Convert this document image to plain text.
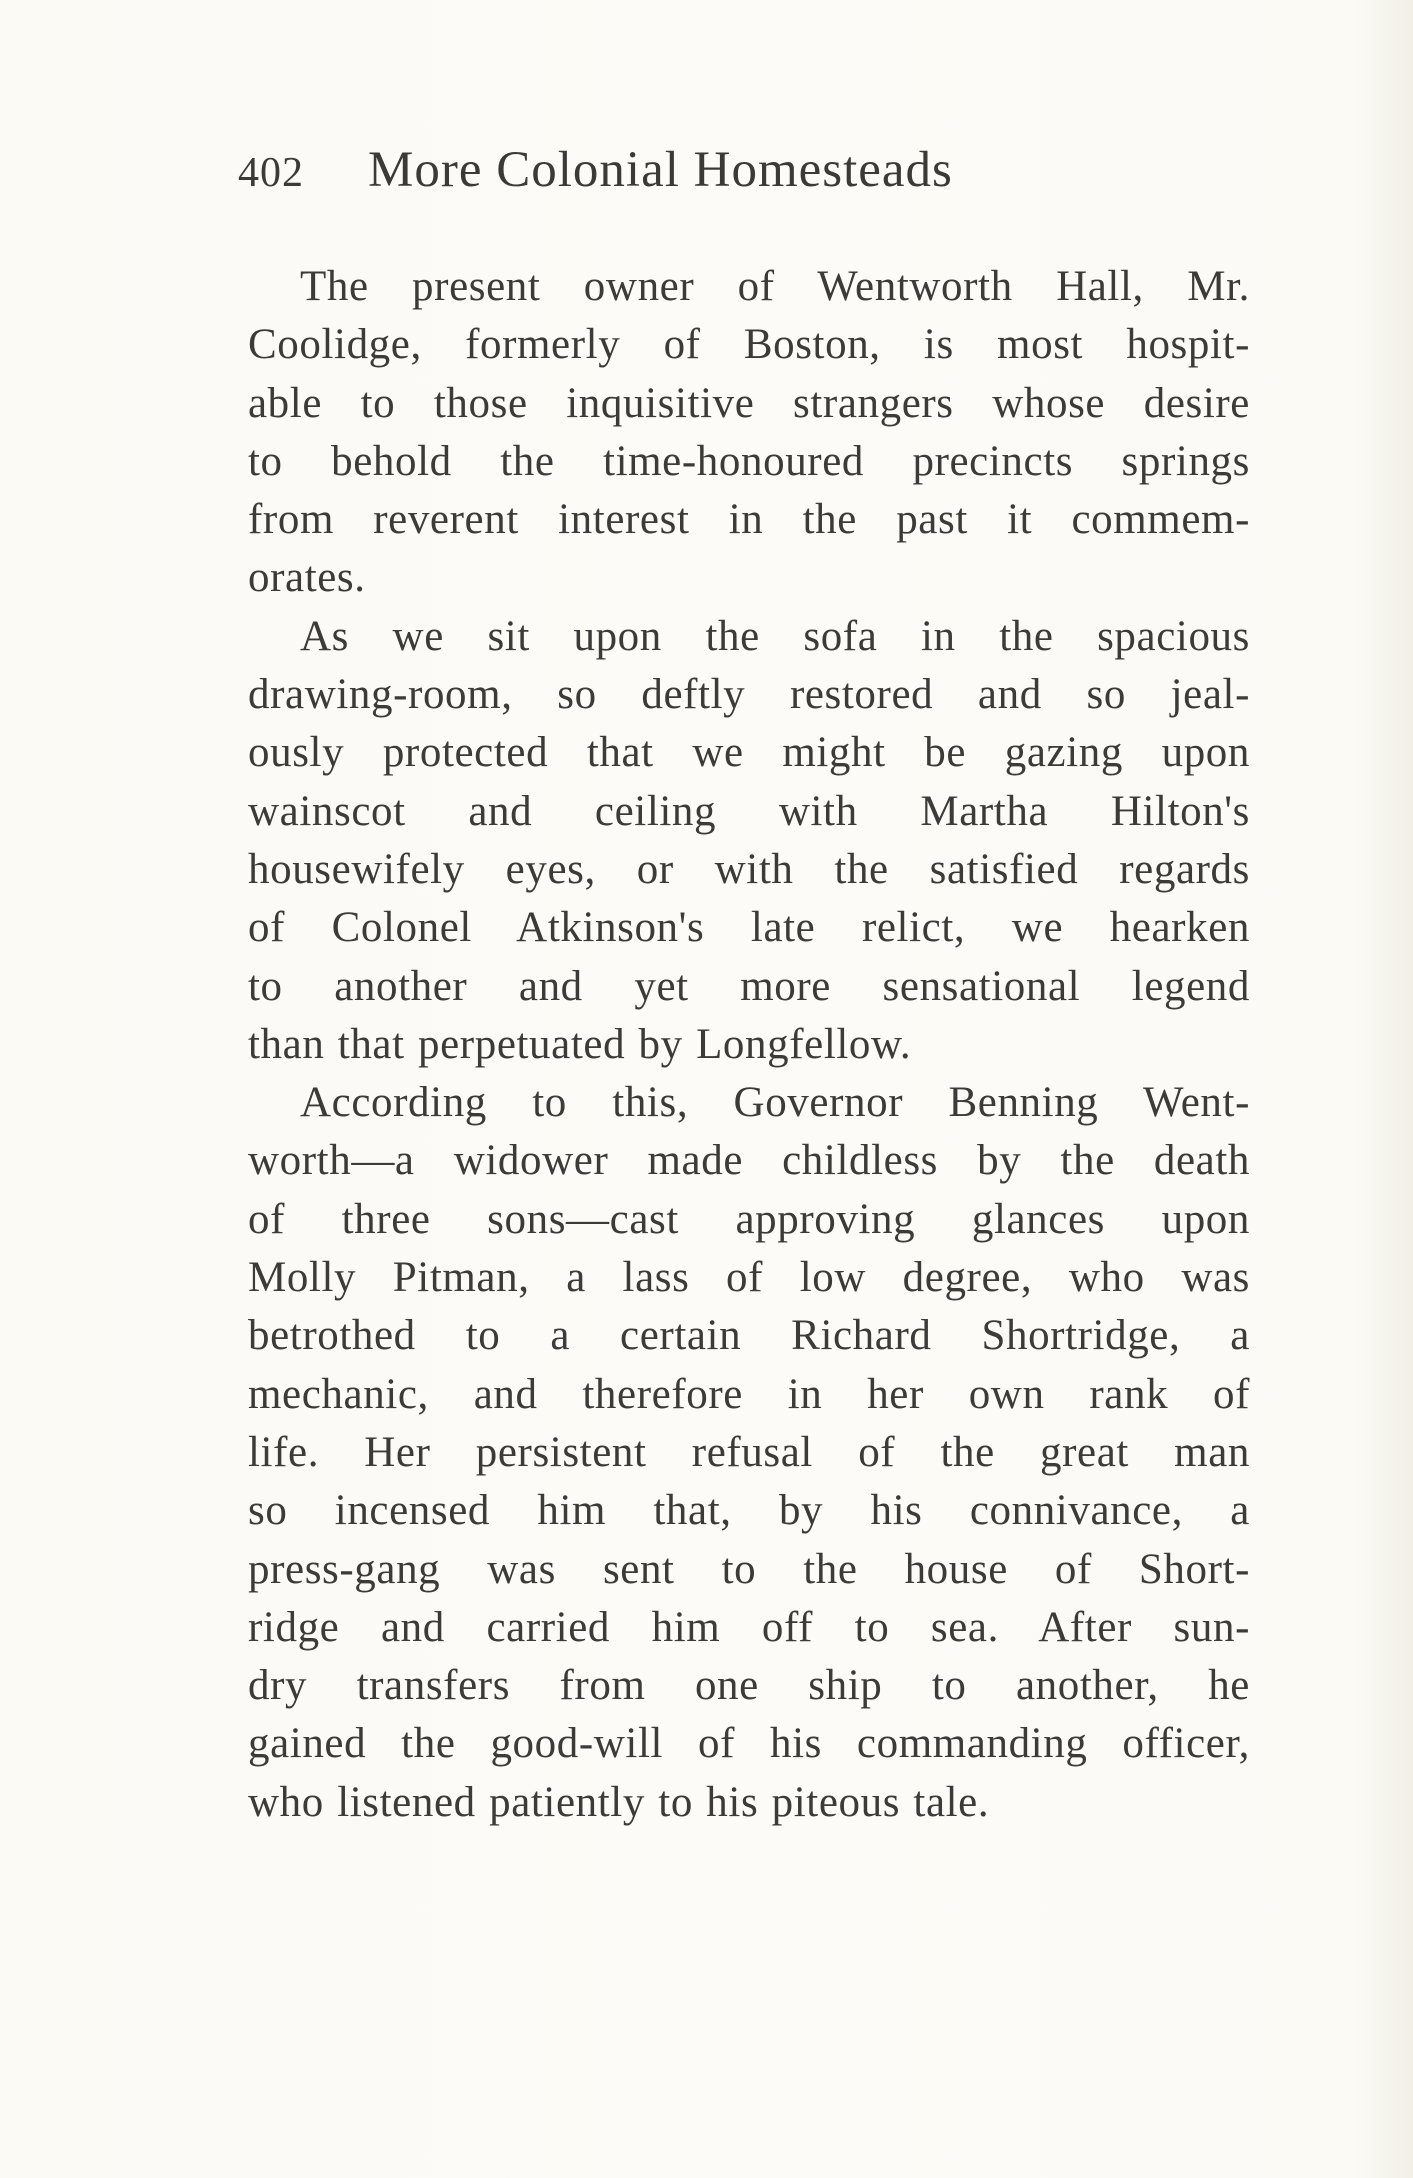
402 More Colonial Homesteads

The present owner of Wentworth Hall, Mr.
Coolidge, formerly of Boston, is most hospit-
able to those inquisitive strangers whose desire
to behold the time-honoured precincts springs
from reverent interest in the past it commem-
orates.

As we sit upon the sofa in the spacious
drawing-room, so deftly restored and so jeal-
ously protected that we might be gazing upon
wainscot and ceiling with Martha Hilton's
housewifely eyes, or with the satisfied regards
of Colonel Atkinson's late relict, we hearken
to another and yet more sensational legend
than that perpetuated by Longfellow.

According to this, Governor Benning Went-
worth—a widower made childless by the death
of three sons—cast approving glances upon
Molly Pitman, a lass of low degree, who was
betrothed to a certain Richard Shortridge, a
mechanic, and therefore in her own rank of
life. Her persistent refusal of the great man
so incensed him that, by his connivance, a
press-gang was sent to the house of Short-
ridge and carried him off to sea. After sun-
dry transfers from one ship to another, he
gained the good-will of his commanding officer,
who listened patiently to his piteous tale.
